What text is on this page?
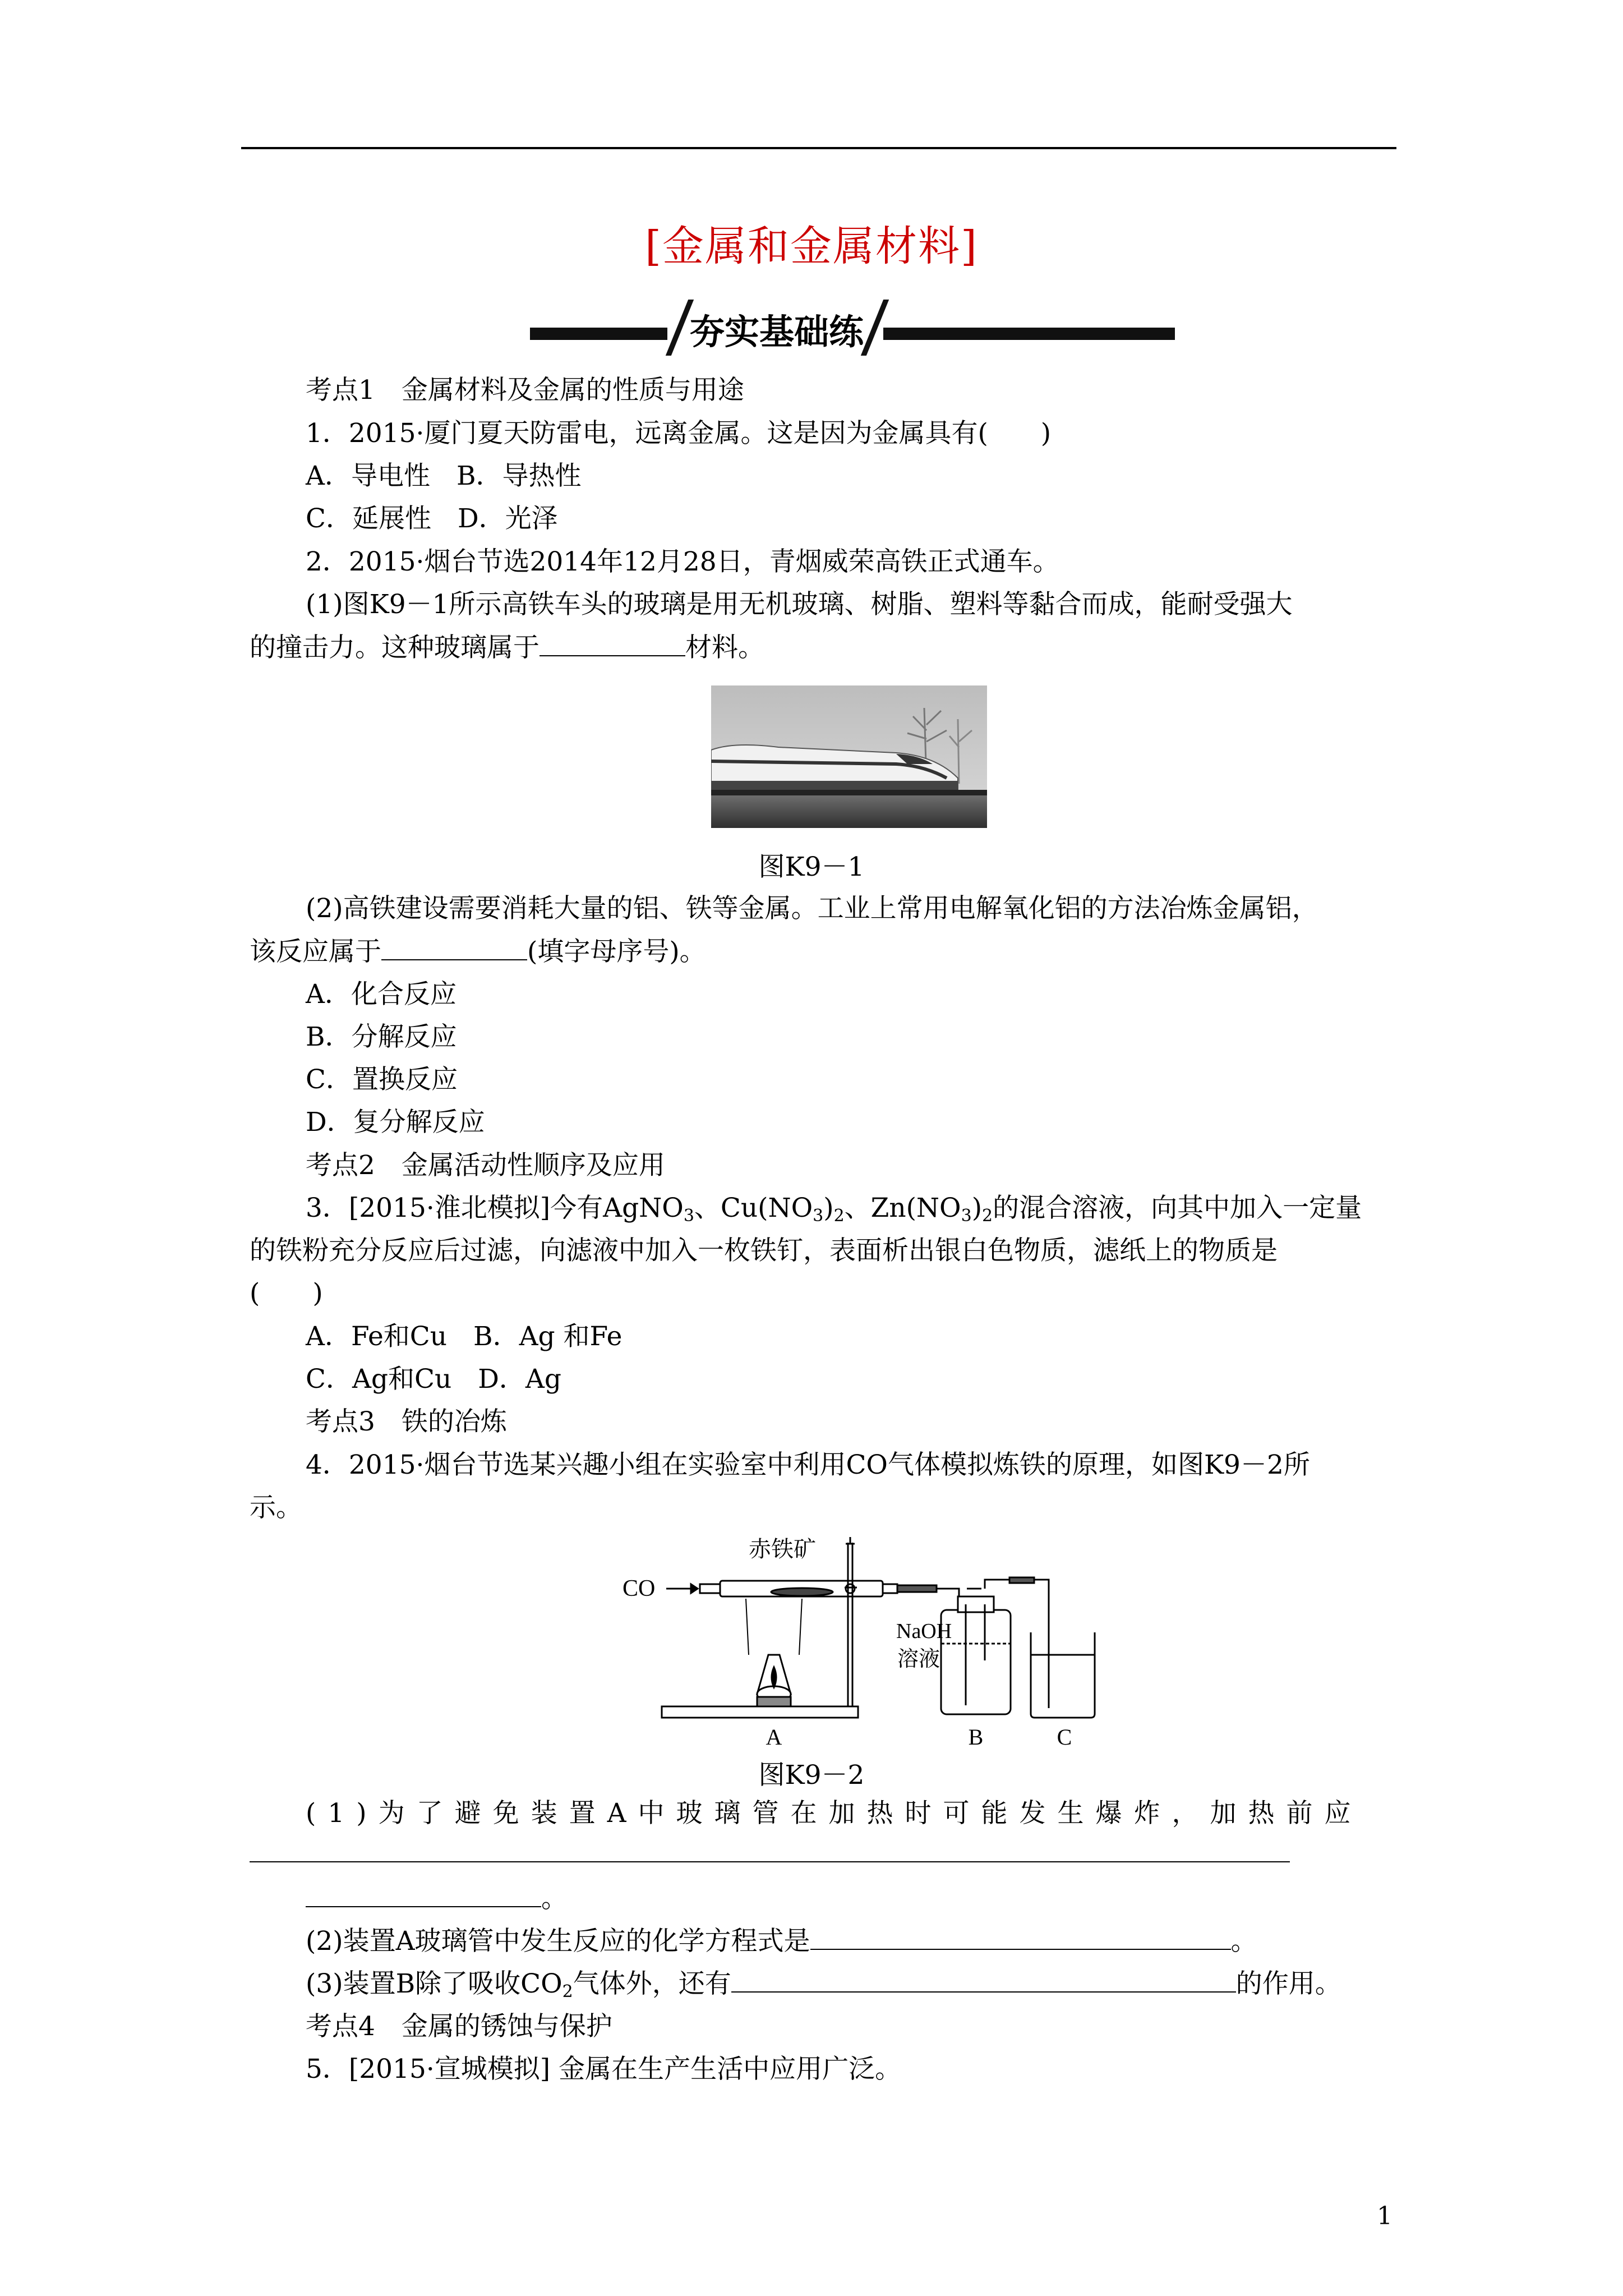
[金属和金属材料]
夯实基础练
考点1　金属材料及金属的性质与用途
1．2015·厦门夏天防雷电，远离金属。这是因为金属具有(　　)
A．导电性　B．导热性
C．延展性　D．光泽
2．2015·烟台节选2014年12月28日，青烟威荣高铁正式通车。
(1)图K9－1所示高铁车头的玻璃是用无机玻璃、树脂、塑料等黏合而成，能耐受强大
的撞击力。这种玻璃属于	材料。
图K9－1
(2)高铁建设需要消耗大量的铝、铁等金属。工业上常用电解氧化铝的方法冶炼金属铝，
该反应属于	(填字母序号)。
A．化合反应
B．分解反应
C．置换反应
D．复分解反应
考点2　金属活动性顺序及应用
3．[2015·淮北模拟]今有AgNO$_3$、$Cu(NO_3)_2$、$Zn(NO_3)_2$的混合溶液，向其中加入一定量
的铁粉充分反应后过滤，向滤液中加入一枚铁钉，表面析出银白色物质，滤纸上的物质是
(　　)
A．Fe和Cu　B．Ag 和Fe
C．Ag和Cu　D．Ag
考点3　铁的冶炼
4．2015·烟台节选某兴趣小组在实验室中利用CO气体模拟炼铁的原理，如图K9－2所
示。
CO
赤铁矿
NaOH
溶液
A	B	C
图K9－2
(1)为了避免装置A中玻璃管在加热时可能发生爆炸，加热前应
。
(2)装置A玻璃管中发生反应的化学方程式是	。
(3)装置B除了吸收$CO_2$气体外，还有	的作用。
考点4　金属的锈蚀与保护
5．[2015·宣城模拟] 金属在生产生活中应用广泛。
1
